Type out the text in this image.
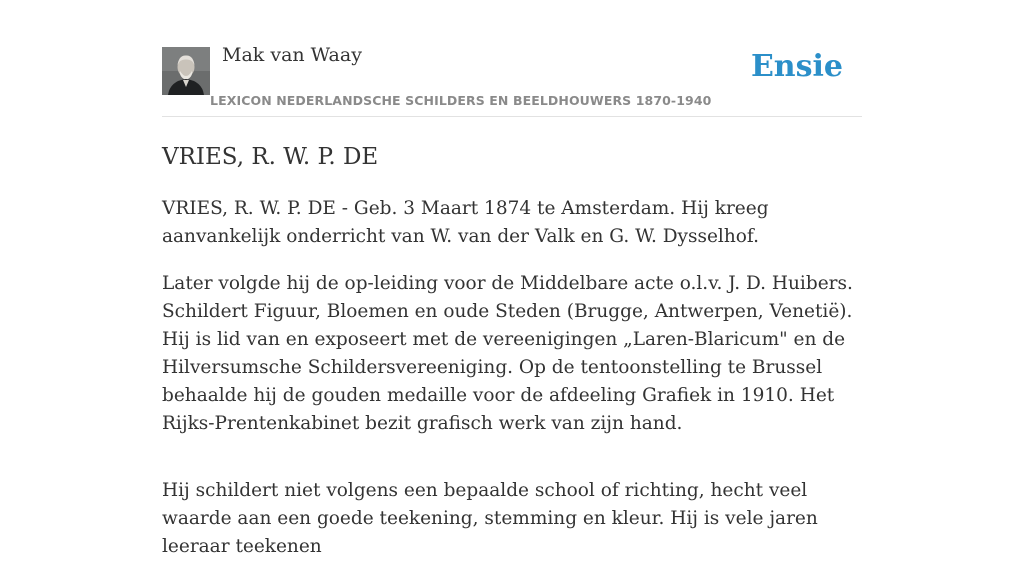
Mak van Waay
LEXICON NEDERLANDSCHE SCHILDERS EN BEELDHOUWERS 1870-1940
Ensie
VRIES, R. W. P. DE

VRIES, R. W. P. DE - Geb. 3 Maart 1874 te Amsterdam. Hij kreeg aanvankelijk onderricht van W. van der Valk en G. W. Dysselhof.

Later volgde hij de op-leiding voor de Middelbare acte o.l.v. J. D. Huibers. Schildert Figuur, Bloemen en oude Steden (Brugge, Antwerpen, Venetië). Hij is lid van en exposeert met de vereenigingen „Laren-Blaricum" en de Hilversumsche Schildersvereeniging. Op de tentoonstelling te Brussel behaalde hij de gouden medaille voor de afdeeling Grafiek in 1910. Het Rijks-Prentenkabinet bezit grafisch werk van zijn hand.

Hij schildert niet volgens een bepaalde school of richting, hecht veel waarde aan een goede teekening, stemming en kleur. Hij is vele jaren leeraar teekenen
